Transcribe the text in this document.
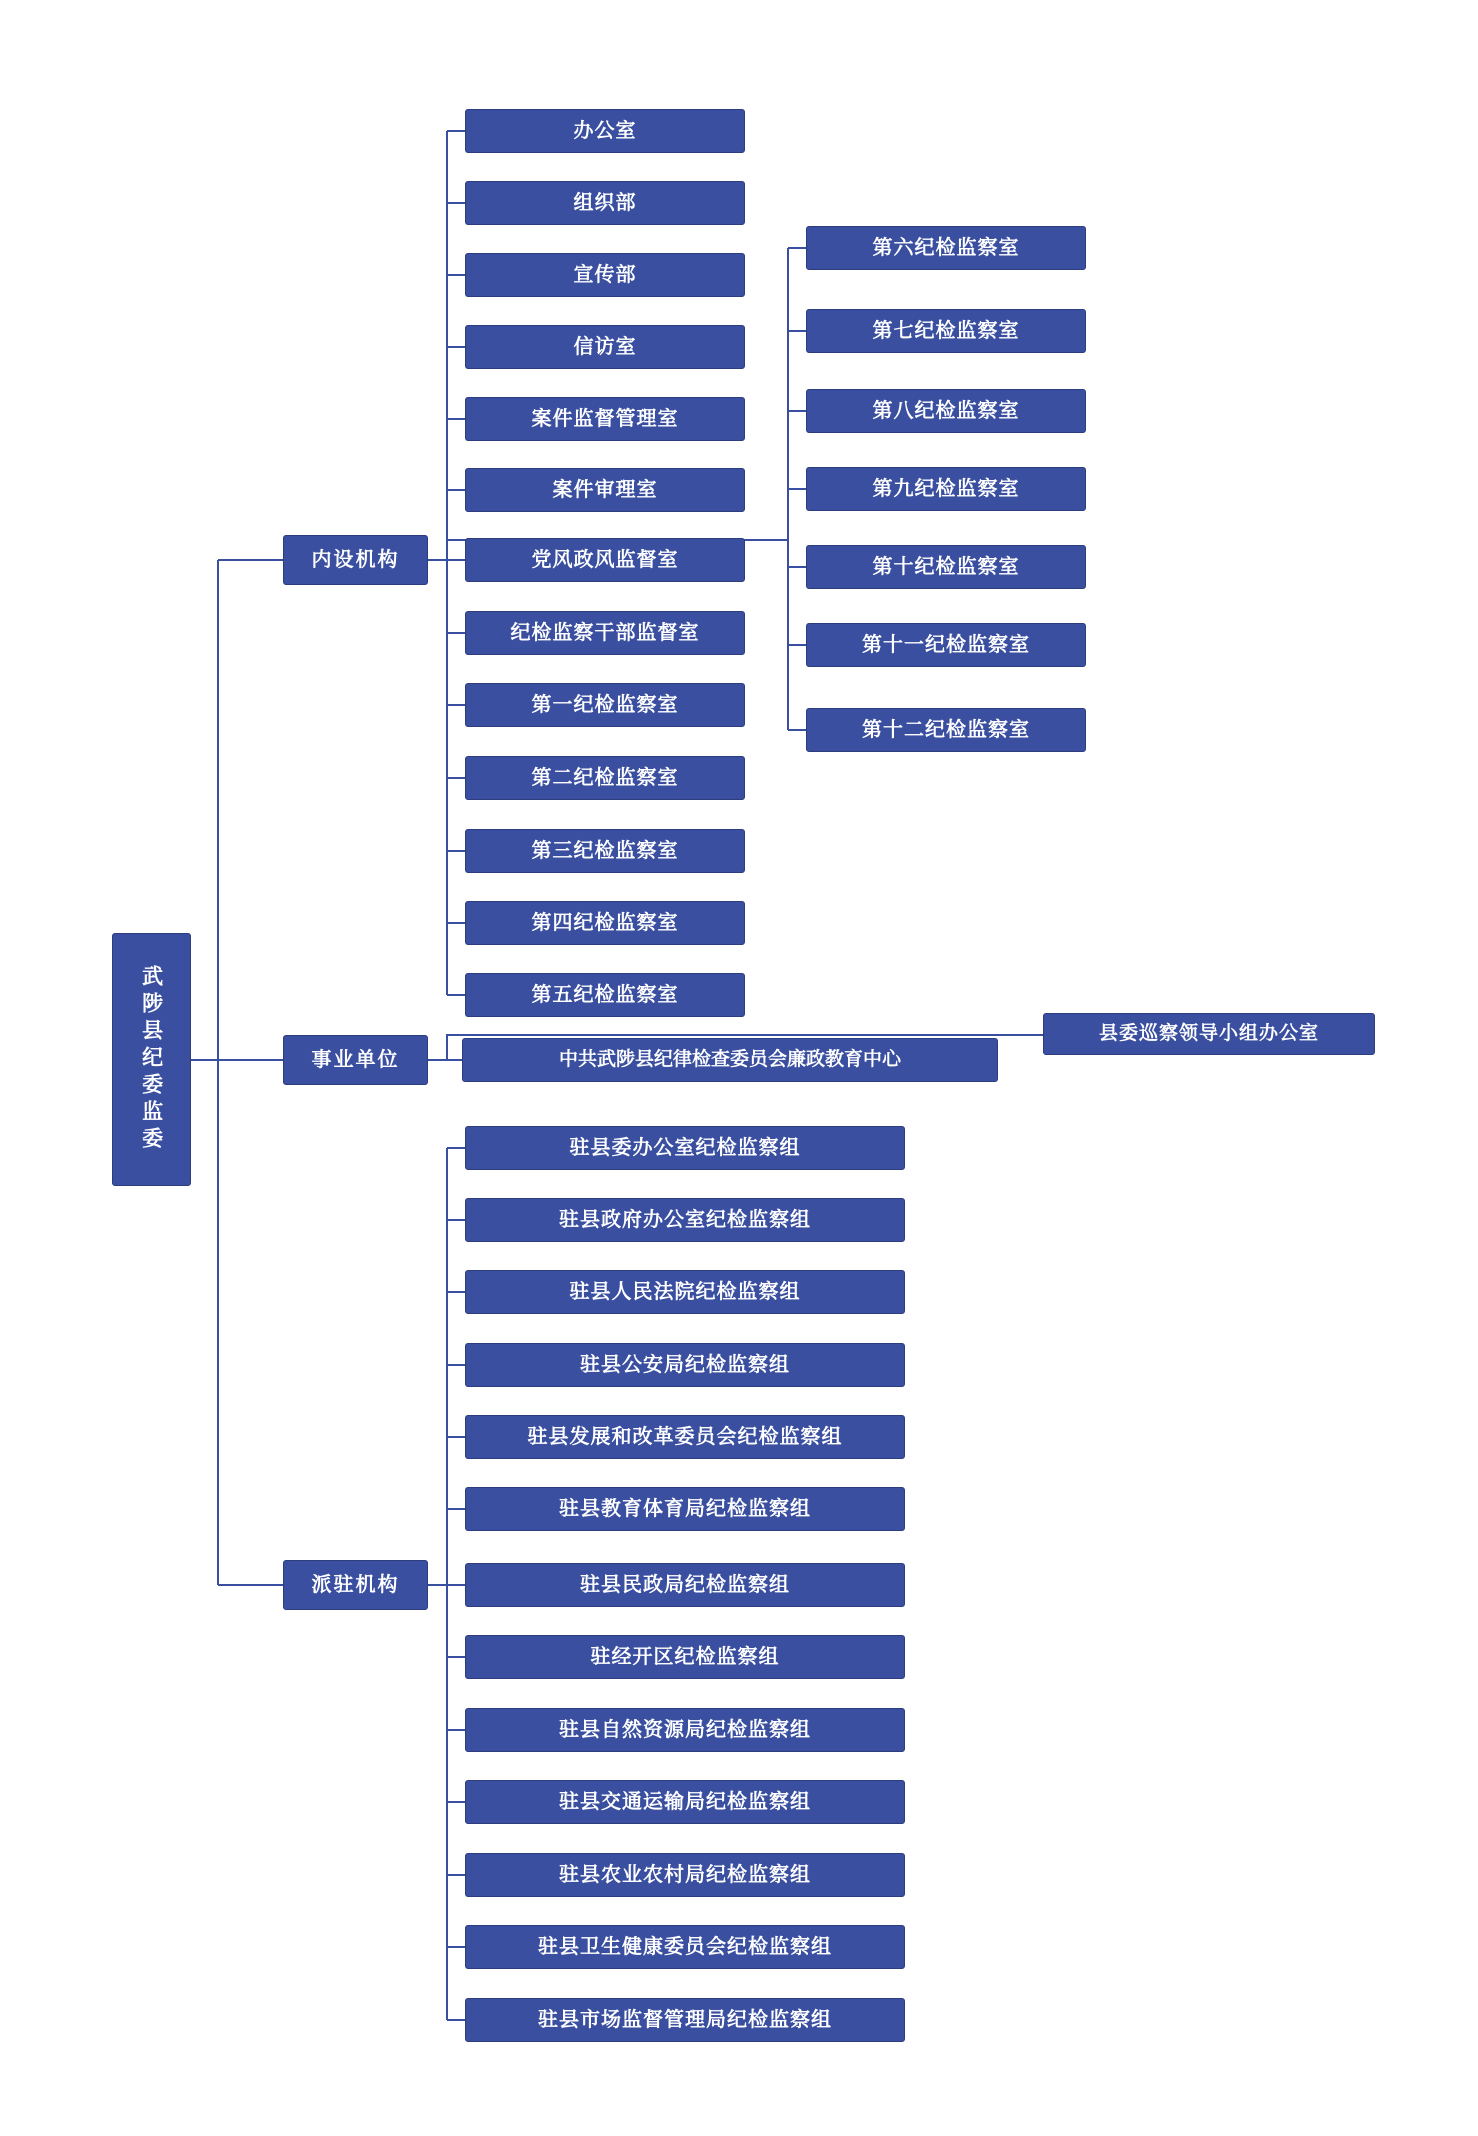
武陟县纪委监委
内设机构
事业单位
派驻机构
办公室
组织部
宣传部
信访室
案件监督管理室
案件审理室
党风政风监督室
纪检监察干部监督室
第一纪检监察室
第二纪检监察室
第三纪检监察室
第四纪检监察室
第五纪检监察室
第六纪检监察室
第七纪检监察室
第八纪检监察室
第九纪检监察室
第十纪检监察室
第十一纪检监察室
第十二纪检监察室
中共武陟县纪律检查委员会廉政教育中心
县委巡察领导小组办公室
驻县委办公室纪检监察组
驻县政府办公室纪检监察组
驻县人民法院纪检监察组
驻县公安局纪检监察组
驻县发展和改革委员会纪检监察组
驻县教育体育局纪检监察组
驻县民政局纪检监察组
驻经开区纪检监察组
驻县自然资源局纪检监察组
驻县交通运输局纪检监察组
驻县农业农村局纪检监察组
驻县卫生健康委员会纪检监察组
驻县市场监督管理局纪检监察组
